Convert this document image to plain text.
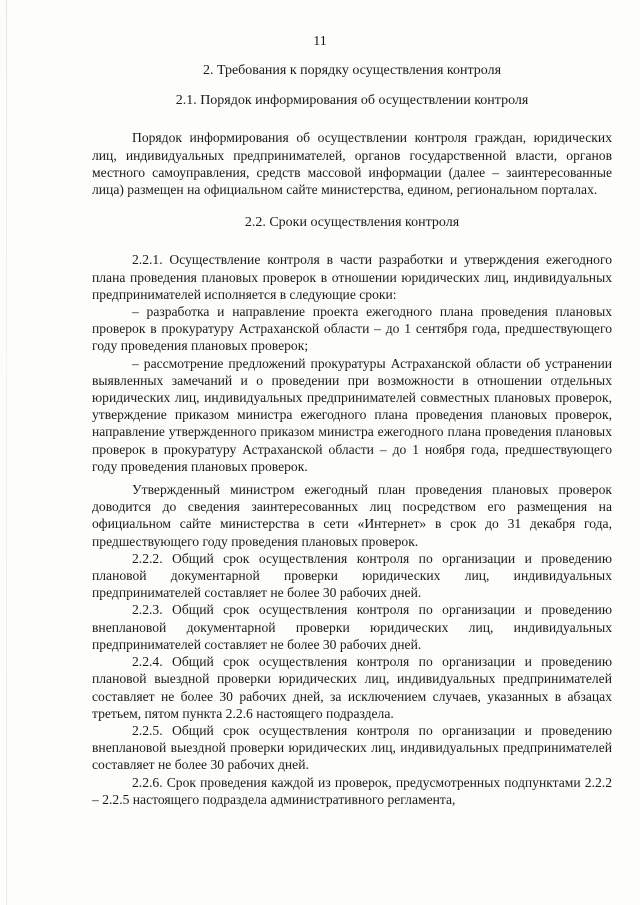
11
2. Требования к порядку осуществления контроля
2.1. Порядок информирования об осуществлении контроля

Порядок информирования об осуществлении контроля граждан, юридических лиц, индивидуальных предпринимателей, органов государственной власти, органов местного самоуправления, средств массовой информации (далее – заинтересованные лица) размещен на официальном сайте министерства, едином, региональном порталах.

2.2. Сроки осуществления контроля

2.2.1. Осуществление контроля в части разработки и утверждения ежегодного плана проведения плановых проверок в отношении юридических лиц, индивидуальных предпринимателей исполняется в следующие сроки:

– разработка и направление проекта ежегодного плана проведения плановых проверок в прокуратуру Астраханской области – до 1 сентября года, предшествующего году проведения плановых проверок;

– рассмотрение предложений прокуратуры Астраханской области об устранении выявленных замечаний и о проведении при возможности в отношении отдельных юридических лиц, индивидуальных предпринимателей совместных плановых проверок, утверждение приказом министра ежегодного плана проведения плановых проверок, направление утвержденного приказом министра ежегодного плана проведения плановых проверок в прокуратуру Астраханской области – до 1 ноября года, предшествующего году проведения плановых проверок.

Утвержденный министром ежегодный план проведения плановых проверок доводится до сведения заинтересованных лиц посредством его размещения на официальном сайте министерства в сети «Интернет» в срок до 31 декабря года, предшествующего году проведения плановых проверок.

2.2.2. Общий срок осуществления контроля по организации и проведению плановой документарной проверки юридических лиц, индивидуальных предпринимателей составляет не более 30 рабочих дней.

2.2.3. Общий срок осуществления контроля по организации и проведению внеплановой документарной проверки юридических лиц, индивидуальных предпринимателей составляет не более 30 рабочих дней.

2.2.4. Общий срок осуществления контроля по организации и проведению плановой выездной проверки юридических лиц, индивидуальных предпринимателей составляет не более 30 рабочих дней, за исключением случаев, указанных в абзацах третьем, пятом пункта 2.2.6 настоящего подраздела.

2.2.5. Общий срок осуществления контроля по организации и проведению внеплановой выездной проверки юридических лиц, индивидуальных предпринимателей составляет не более 30 рабочих дней.

2.2.6. Срок проведения каждой из проверок, предусмотренных подпунктами 2.2.2 – 2.2.5 настоящего подраздела административного регламента,
